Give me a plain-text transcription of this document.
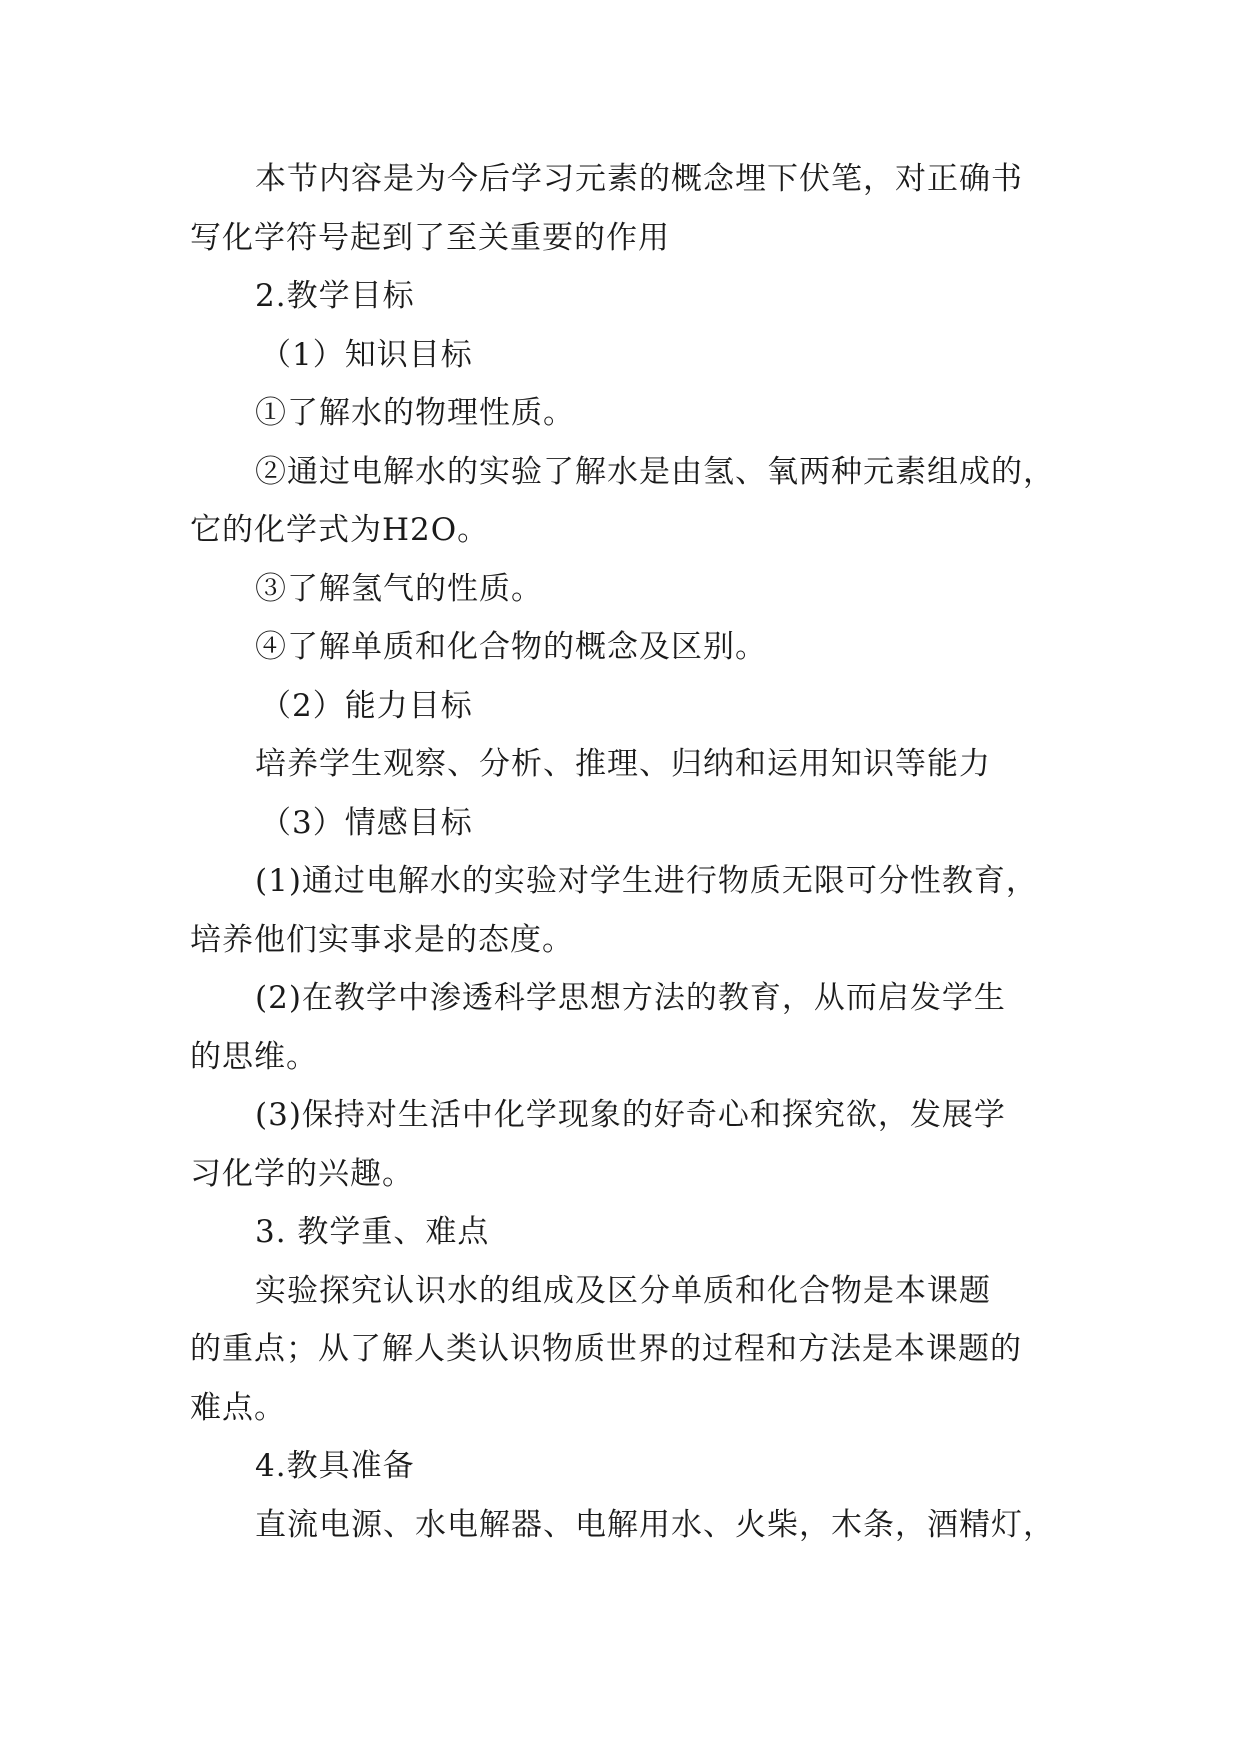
本节内容是为今后学习元素的概念埋下伏笔，对正确书
写化学符号起到了至关重要的作用
2.教学目标
（1）知识目标
①了解水的物理性质。
②通过电解水的实验了解水是由氢、氧两种元素组成的，
它的化学式为H2O。
③了解氢气的性质。
④了解单质和化合物的概念及区别。
（2）能力目标
培养学生观察、分析、推理、归纳和运用知识等能力
（3）情感目标
(1)通过电解水的实验对学生进行物质无限可分性教育，
培养他们实事求是的态度。
(2)在教学中渗透科学思想方法的教育，从而启发学生
的思维。
(3)保持对生活中化学现象的好奇心和探究欲，发展学
习化学的兴趣。
3. 教学重、难点
实验探究认识水的组成及区分单质和化合物是本课题
的重点；从了解人类认识物质世界的过程和方法是本课题的
难点。
4.教具准备
直流电源、水电解器、电解用水、火柴，木条，酒精灯，
